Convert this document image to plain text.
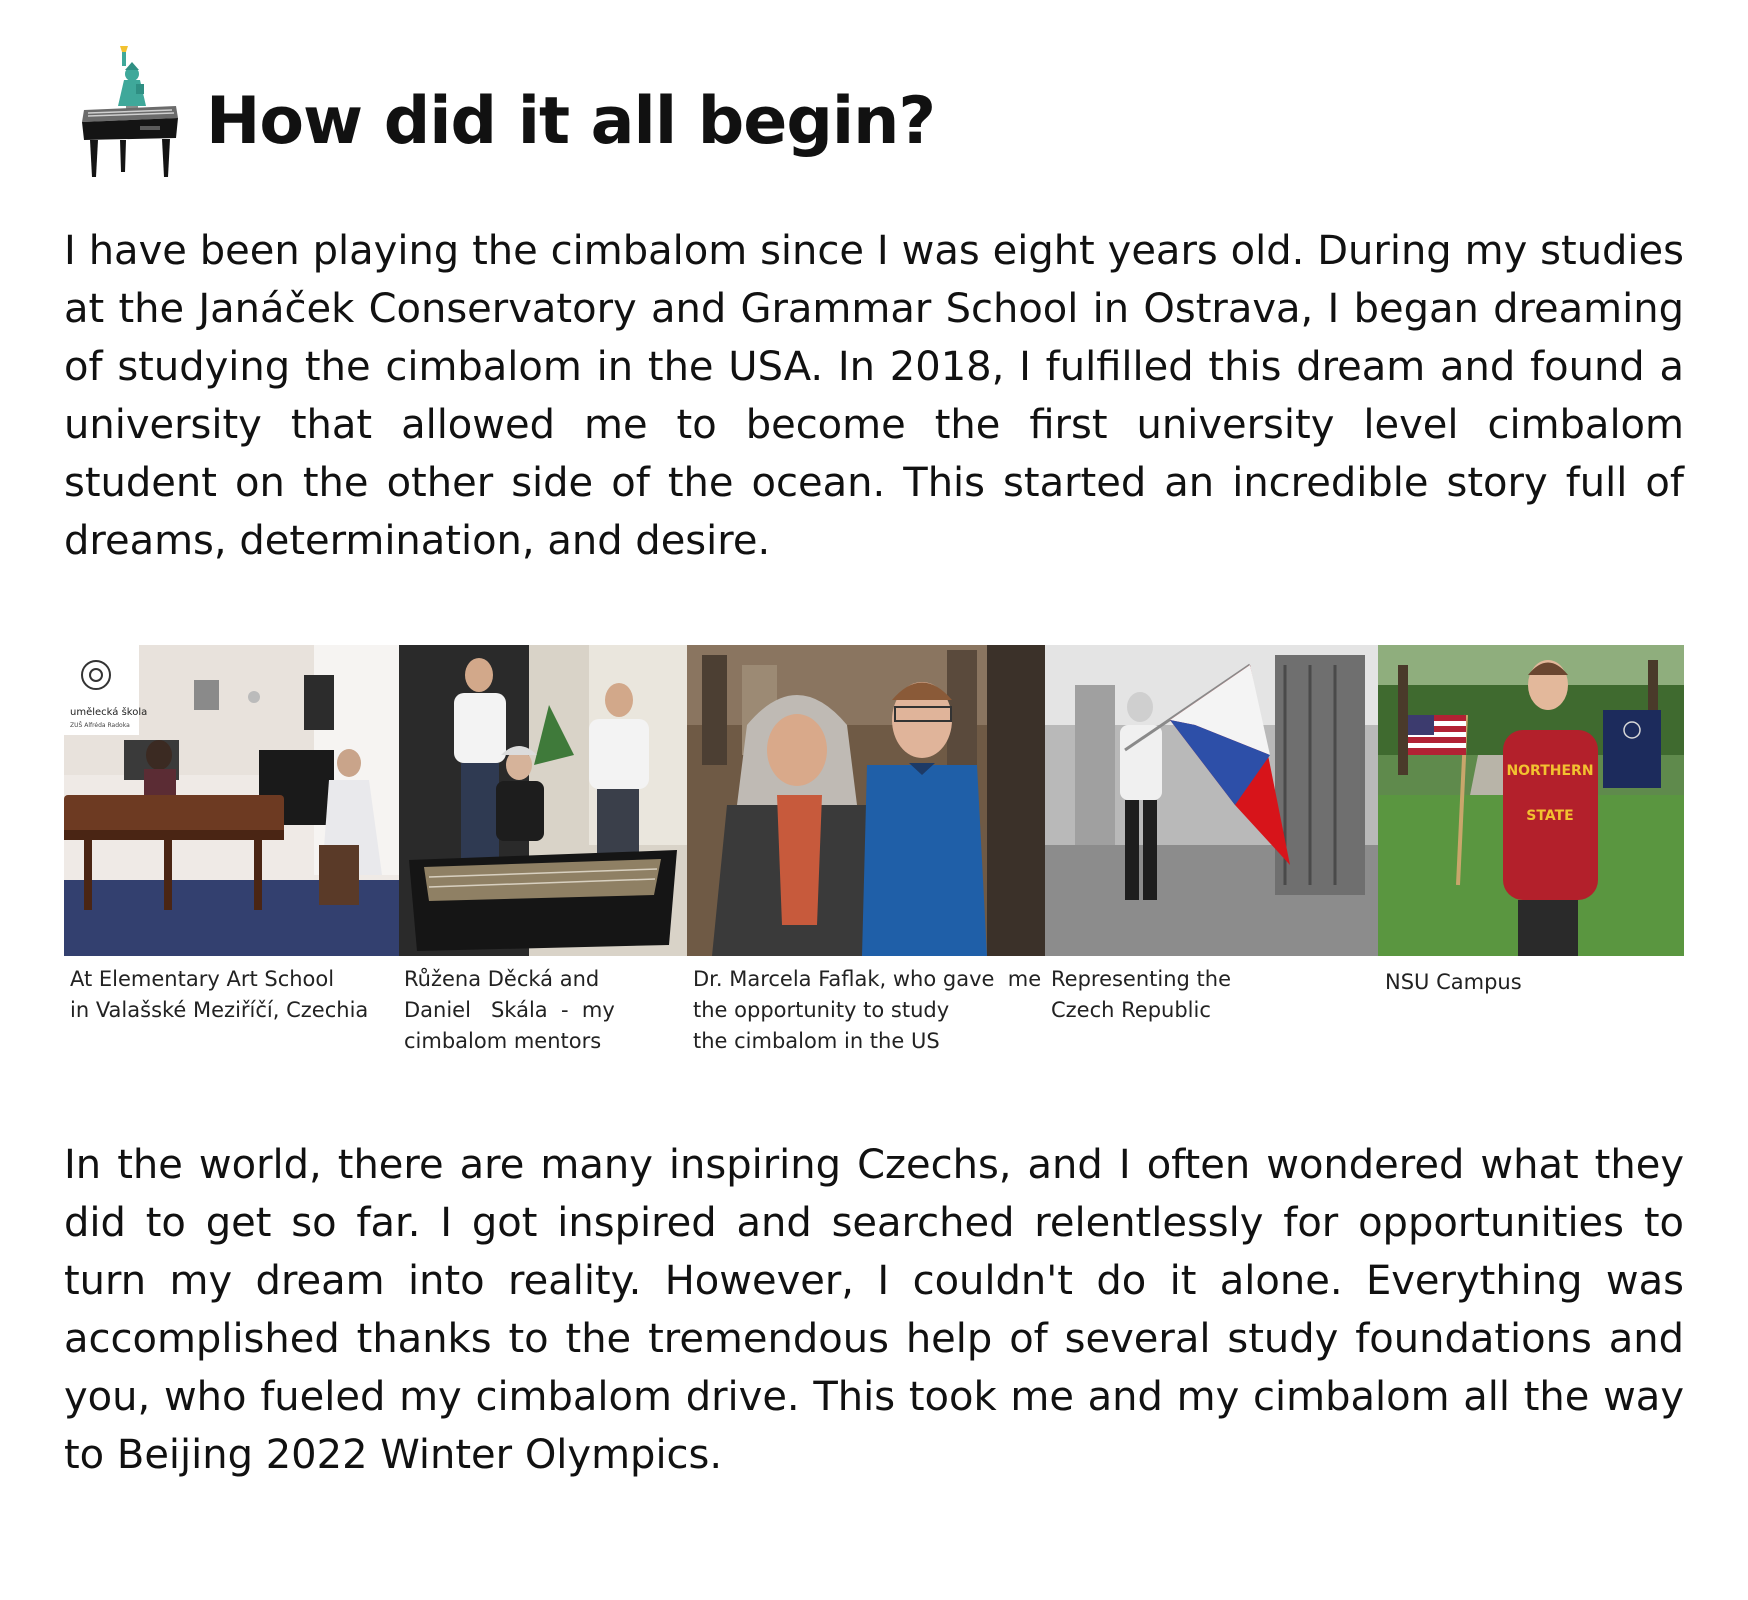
How did it all begin?

I have been playing the cimbalom since I was eight years old. During my studies at the Janáček Conservatory and Grammar School in Ostrava, I began dreaming of studying the cimbalom in the USA. In 2018, I fulfilled this dream and found a university that allowed me to become the first university level cimbalom student on the other side of the ocean. This started an incredible story full of dreams, determination, and desire.

umělecká škola
ZUŠ Alfréda Radoka
NORTHERN
STATE

At Elementary Art School
in Valašské Meziříčí, Czechia

Růžena Děcká and
Daniel   Skála  -  my
cimbalom mentors

Dr. Marcela Faflak, who gave  me
the opportunity to study
the cimbalom in the US

Representing the
Czech Republic

NSU Campus

In the world, there are many inspiring Czechs, and I often wondered what they did to get so far. I got inspired and searched relentlessly for opportunities to turn my dream into reality. However, I couldn't do it alone. Everything was accomplished thanks to the tremendous help of several study foundations and you, who fueled my cimbalom drive. This took me and my cimbalom all the way to Beijing 2022 Winter Olympics.
